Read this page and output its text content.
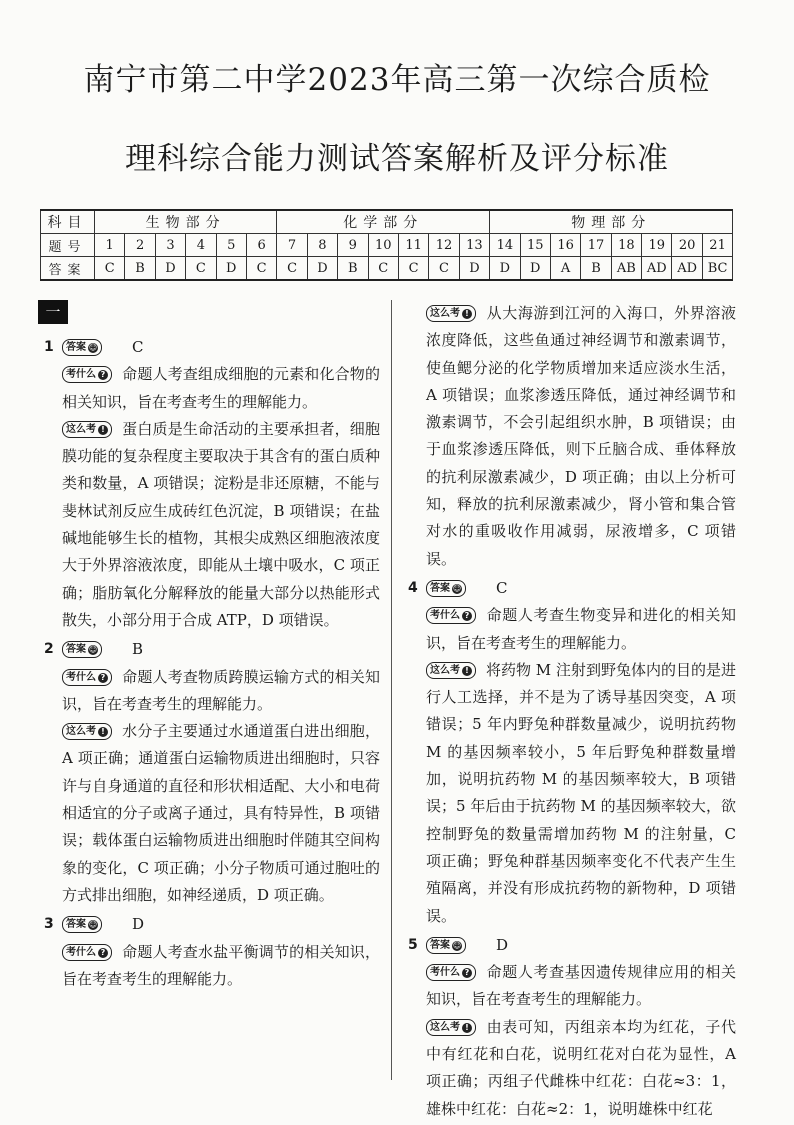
南宁市第二中学2023年高三第一次综合质检
理科综合能力测试答案解析及评分标准
科目	生物部分						化学部分							物理部分							
题号	1	2	3	4	5	6	7	8	9	10	11	12	13	14	15	16	17	18	19	20	21
答案	C	B	D	C	D	C	C	D	B	C	C	C	D	D	D	A	B	AB	AD	AD	BC
一
1	答案 ☺	C

考什么 ? 命题人考查组成细胞的元素和化合物的相关知识，旨在考查考生的理解能力。

这么考 ! 蛋白质是生命活动的主要承担者，细胞膜功能的复杂程度主要取决于其含有的蛋白质种类和数量，A 项错误；淀粉是非还原糖，不能与斐林试剂反应生成砖红色沉淀，B 项错误；在盐碱地能够生长的植物，其根尖成熟区细胞液浓度大于外界溶液浓度，即能从土壤中吸水，C 项正确；脂肪氧化分解释放的能量大部分以热能形式散失，小部分用于合成 ATP，D 项错误。

2	答案 ☺	B

考什么 ? 命题人考查物质跨膜运输方式的相关知识，旨在考查考生的理解能力。

这么考 ! 水分子主要通过水通道蛋白进出细胞，A 项正确；通道蛋白运输物质进出细胞时，只容许与自身通道的直径和形状相适配、大小和电荷相适宜的分子或离子通过，具有特异性，B 项错误；载体蛋白运输物质进出细胞时伴随其空间构象的变化，C 项正确；小分子物质可通过胞吐的方式排出细胞，如神经递质，D 项正确。

3	答案 ☺	D

考什么 ? 命题人考查水盐平衡调节的相关知识，旨在考查考生的理解能力。

这么考 ! 从大海游到江河的入海口，外界溶液浓度降低，这些鱼通过神经调节和激素调节，使鱼鳃分泌的化学物质增加来适应淡水生活，A 项错误；血浆渗透压降低，通过神经调节和激素调节，不会引起组织水肿，B 项错误；由于血浆渗透压降低，则下丘脑合成、垂体释放的抗利尿激素减少，D 项正确；由以上分析可知，释放的抗利尿激素减少，肾小管和集合管对水的重吸收作用减弱，尿液增多，C 项错误。

4	答案 ☺	C

考什么 ? 命题人考查生物变异和进化的相关知识，旨在考查考生的理解能力。

这么考 ! 将药物 M 注射到野兔体内的目的是进行人工选择，并不是为了诱导基因突变，A 项错误；5 年内野兔种群数量减少，说明抗药物 M 的基因频率较小，5 年后野兔种群数量增加，说明抗药物 M 的基因频率较大，B 项错误；5 年后由于抗药物 M 的基因频率较大，欲控制野兔的数量需增加药物 M 的注射量，C 项正确；野兔种群基因频率变化不代表产生生殖隔离，并没有形成抗药物的新物种，D 项错误。

5	答案 ☺	D

考什么 ? 命题人考查基因遗传规律应用的相关知识，旨在考查考生的理解能力。

这么考 ! 由表可知，丙组亲本均为红花，子代中有红花和白花，说明红花对白花为显性，A 项正确；丙组子代雌株中红花：白花≈3：1，雄株中红花：白花≈2：1，说明雄株中红花
